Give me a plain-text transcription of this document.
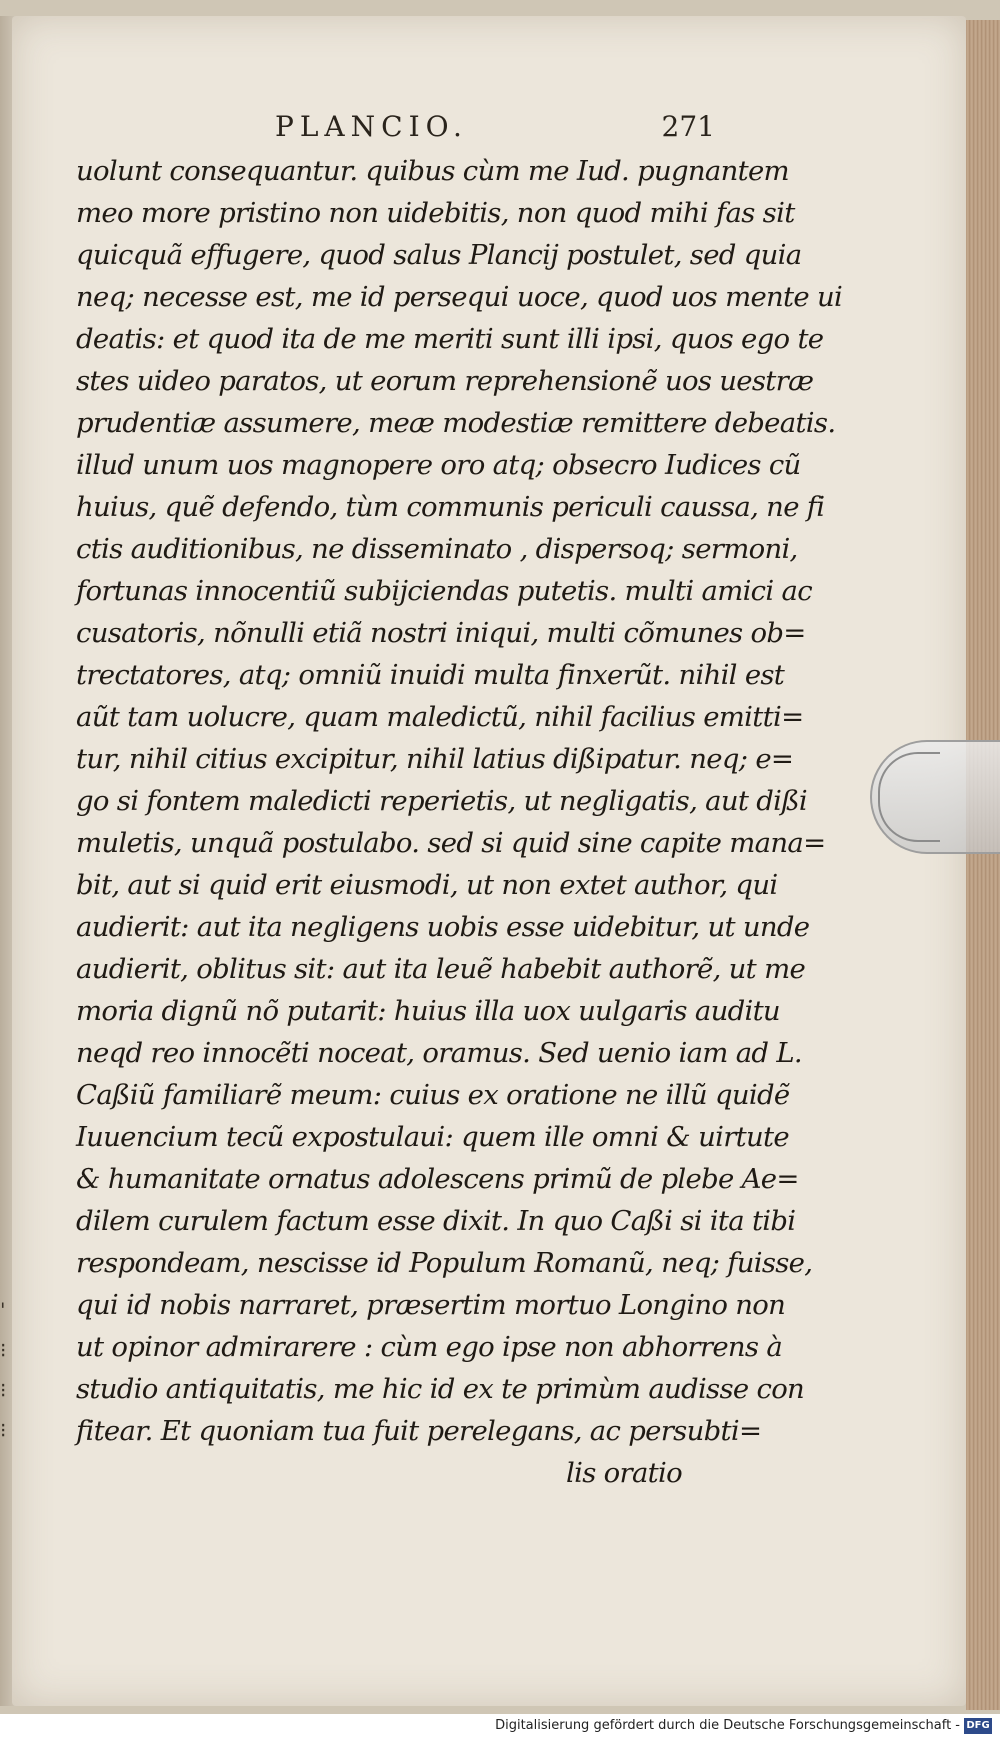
PLANCIO.	271
uolunt consequantur. quibus cùm me Iud. pugnantem
meo more pristino non uidebitis, non quod mihi fas sit
quicquã effugere, quod salus Plancij postulet, sed quia
neq; necesse est, me id persequi uoce, quod uos mente ui
deatis: et quod ita de me meriti sunt illi ipsi, quos ego te
stes uideo paratos, ut eorum reprehensionẽ uos uestræ
prudentiæ assumere, meæ modestiæ remittere debeatis.
illud unum uos magnopere oro atq; obsecro Iudices cũ
huius, quẽ defendo, tùm communis periculi caussa, ne fi
ctis auditionibus, ne disseminato , dispersoq; sermoni,
fortunas innocentiũ subijciendas putetis. multi amici ac
cusatoris, nõnulli etiã nostri iniqui, multi cõmunes ob=
trectatores, atq; omniũ inuidi multa finxerũt. nihil est
aũt tam uolucre, quam maledictũ, nihil facilius emitti=
tur, nihil citius excipitur, nihil latius dißipatur. neq; e=
go si fontem maledicti reperietis, ut negligatis, aut dißi
muletis, unquã postulabo. sed si quid sine capite mana=
bit, aut si quid erit eiusmodi, ut non extet author, qui
audierit: aut ita negligens uobis esse uidebitur, ut unde
audierit, oblitus sit: aut ita leuẽ habebit authorẽ, ut me
moria dignũ nõ putarit: huius illa uox uulgaris auditu
neqd reo innocẽti noceat, oramus. Sed uenio iam ad L.
Caßiũ familiarẽ meum: cuius ex oratione ne illũ quidẽ
Iuuencium tecũ expostulaui: quem ille omni & uirtute
& humanitate ornatus adolescens primũ de plebe Ae=
dilem curulem factum esse dixit. In quo Caßi si ita tibi
respondeam, nescisse id Populum Romanũ, neq; fuisse,
qui id nobis narraret, præsertim mortuo Longino non
ut opinor admirarere : cùm ego ipse non abhorrens à
studio antiquitatis, me hic id ex te primùm audisse con
fitear. Et quoniam tua fuit perelegans, ac persubti=
lis oratio
'
⁝
⁝
⁝
Digitalisierung gefördert durch die Deutsche Forschungsgemeinschaft - DFG
